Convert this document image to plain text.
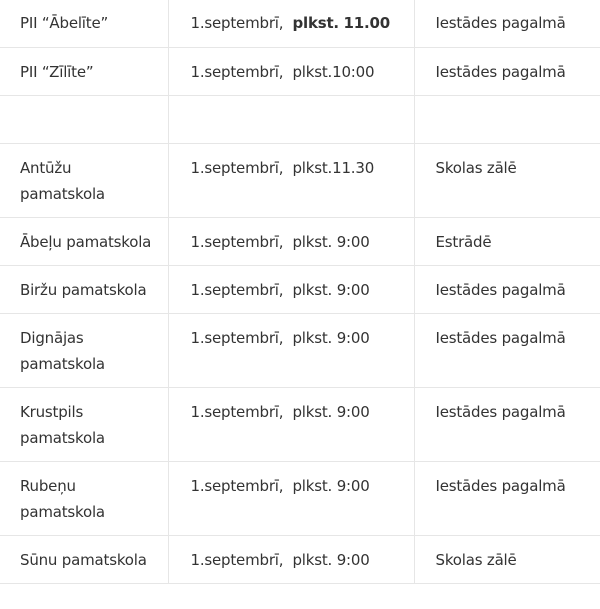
PII “Ābelīte”	1.septembrī, plkst. 11.00	Iestādes pagalmā
PII “Zīlīte”	1.septembrī, plkst.10:00	Iestādes pagalmā

Antūžu pamatskola	1.septembrī, plkst.11.30	Skolas zālē
Ābeļu pamatskola	1.septembrī, plkst. 9:00	Estrādē
Biržu pamatskola	1.septembrī, plkst. 9:00	Iestādes pagalmā
Dignājas pamatskola	1.septembrī, plkst. 9:00	Iestādes pagalmā
Krustpils pamatskola	1.septembrī, plkst. 9:00	Iestādes pagalmā
Rubeņu pamatskola	1.septembrī, plkst. 9:00	Iestādes pagalmā
Sūnu pamatskola	1.septembrī, plkst. 9:00	Skolas zālē
